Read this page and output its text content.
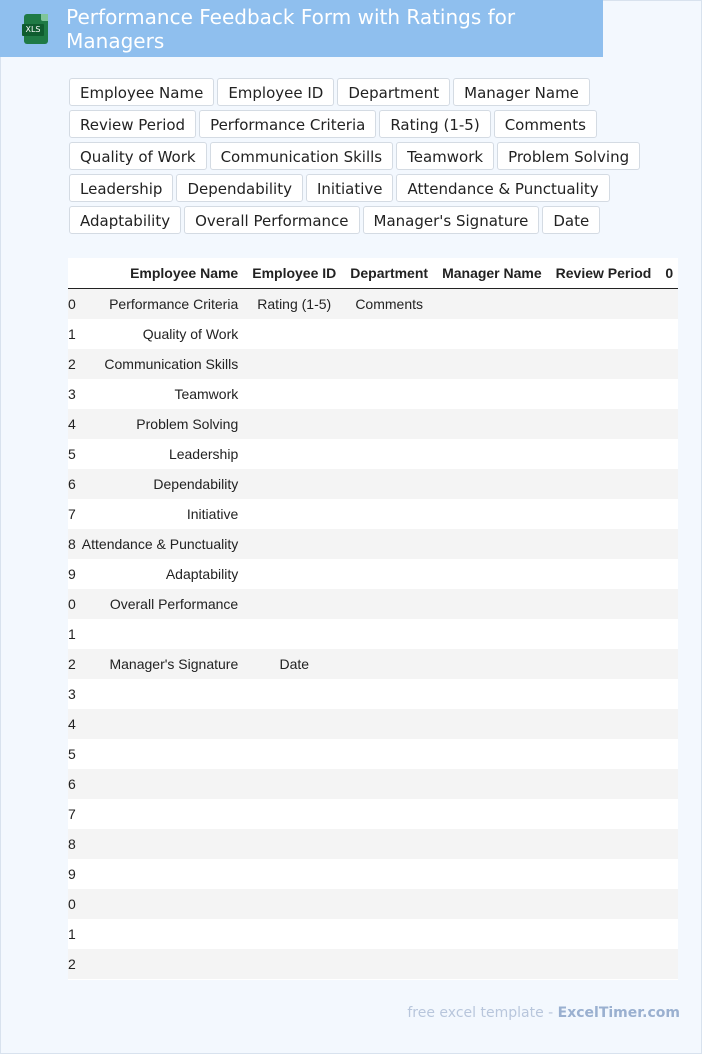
XLS
Performance Feedback Form with Ratings for Managers
Employee Name	Employee ID	Department	Manager Name
Review Period	Performance Criteria	Rating (1-5)	Comments
Quality of Work	Communication Skills	Teamwork	Problem Solving
Leadership	Dependability	Initiative	Attendance & Punctuality
Adaptability	Overall Performance	Manager's Signature	Date
	Employee Name	Employee ID	Department	Manager Name	Review Period	0
0	Performance Criteria	Rating (1-5)	Comments			
1	Quality of Work					
2	Communication Skills					
3	Teamwork					
4	Problem Solving					
5	Leadership					
6	Dependability					
7	Initiative					
8	Attendance & Punctuality					
9	Adaptability					
0	Overall Performance					
1						
2	Manager's Signature	Date				
3						
4						
5						
6						
7						
8						
9						
0						
1						
2						
free excel template - ExcelTimer.com
